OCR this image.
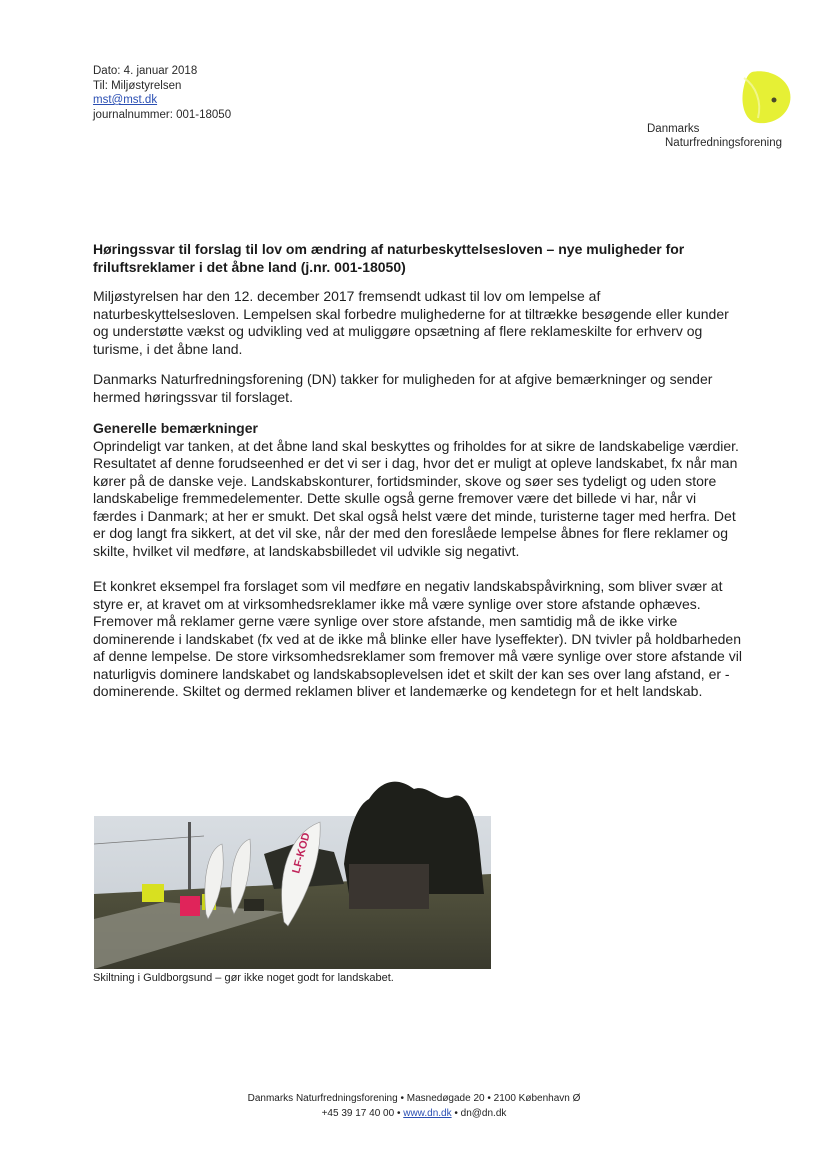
Dato: 4. januar 2018
Til: Miljøstyrelsen
mst@mst.dk
journalnummer: 001-18050
Danmarks
Naturfredningsforening
Høringssvar til forslag til lov om ændring af naturbeskyttelsesloven – nye muligheder for friluftsreklamer i det åbne land (j.nr. 001-18050)

Miljøstyrelsen har den 12. december 2017 fremsendt udkast til lov om lempelse af naturbeskyttelsesloven. Lempelsen skal forbedre mulighederne for at tiltrække besøgende eller kunder og understøtte vækst og udvikling ved at muliggøre opsætning af flere reklameskilte for erhverv og turisme, i det åbne land.

Danmarks Naturfredningsforening (DN) takker for muligheden for at afgive bemærkninger og sender hermed høringssvar til forslaget.

Generelle bemærkninger
Oprindeligt var tanken, at det åbne land skal beskyttes og friholdes for at sikre de landskabelige værdier. Resultatet af denne forudseenhed er det vi ser i dag, hvor det er muligt at opleve landskabet, fx når man kører på de danske veje. Landskabskonturer, fortidsminder, skove og søer ses tydeligt og uden store landskabelige fremmedelementer. Dette skulle også gerne fremover være det billede vi har, når vi færdes i Danmark; at her er smukt. Det skal også helst være det minde, turisterne tager med herfra. Det er dog langt fra sikkert, at det vil ske, når der med den foreslåede lempelse åbnes for flere reklamer og skilte, hvilket vil medføre, at landskabsbilledet vil udvikle sig negativt.

Et konkret eksempel fra forslaget som vil medføre en negativ landskabspåvirkning, som bliver svær at styre er, at kravet om at virksomhedsreklamer ikke må være synlige over store afstande ophæves. Fremover må reklamer gerne være synlige over store afstande, men samtidig må de ikke virke dominerende i landskabet (fx ved at de ikke må blinke eller have lyseffekter). DN tvivler på holdbarheden af denne lempelse. De store virksomhedsreklamer som fremover må være synlige over store afstande vil naturligvis dominere landskabet og landskabsoplevelsen idet et skilt der kan ses over lang afstand, er - dominerende. Skiltet og dermed reklamen bliver et landemærke og kendetegn for et helt landskab.

LF-KOD
Skiltning i Guldborgsund – gør ikke noget godt for landskabet.
Danmarks Naturfredningsforening • Masnedøgade 20 • 2100 København Ø
+45 39 17 40 00 • www.dn.dk • dn@dn.dk
